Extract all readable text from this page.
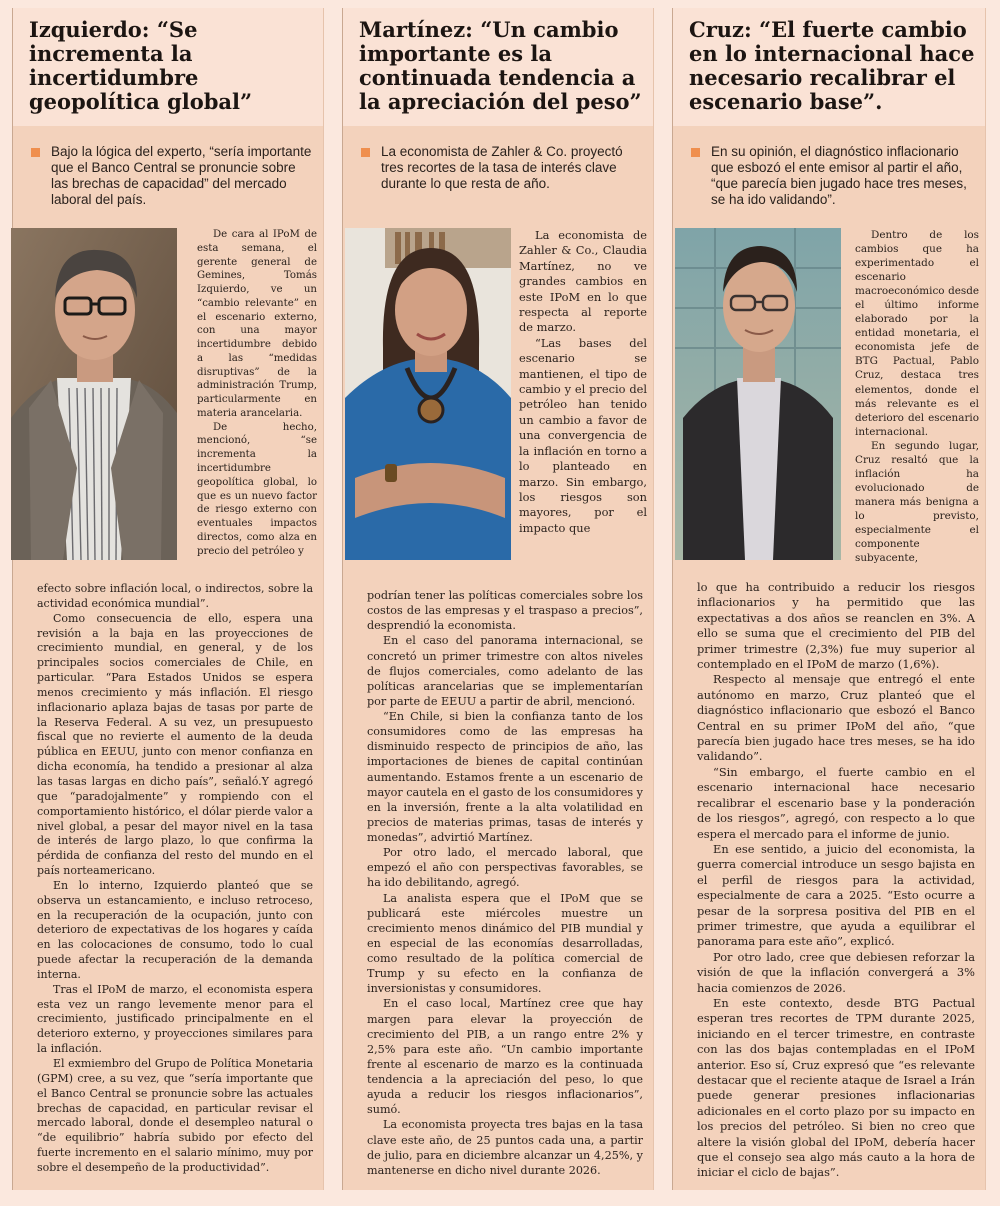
Izquierdo: “Se incrementa la incertidumbre geopolítica global”
Bajo la lógica del experto, “sería importante que el Banco Central se pronuncie sobre las brechas de capacidad” del mercado laboral del país.

De cara al IPoM de esta semana, el gerente general de Gemines, Tomás Izquierdo, ve un “cambio relevante” en el escenario externo, con una mayor incertidumbre debido a las “medidas disruptivas” de la administración Trump, particularmente en materia arancelaria.

De hecho, mencionó, “se incrementa la incertidumbre geopolítica global, lo que es un nuevo factor de riesgo externo con eventuales impactos directos, como alza en precio del petróleo y

efecto sobre inflación local, o indirectos, sobre la actividad económica mundial”.

Como consecuencia de ello, espera una revisión a la baja en las proyecciones de crecimiento mundial, en general, y de los principales socios comerciales de Chile, en particular. “Para Estados Unidos se espera menos crecimiento y más inflación. El riesgo inflacionario aplaza bajas de tasas por parte de la Reserva Federal. A su vez, un presupuesto fiscal que no revierte el aumento de la deuda pública en EEUU, junto con menor confianza en dicha economía, ha tendido a presionar al alza las tasas largas en dicho país”, señaló.Y agregó que “paradojalmente” y rompiendo con el comportamiento histórico, el dólar pierde valor a nivel global, a pesar del mayor nivel en la tasa de interés de largo plazo, lo que confirma la pérdida de confianza del resto del mundo en el país norteamericano.

En lo interno, Izquierdo planteó que se observa un estancamiento, e incluso retroceso, en la recuperación de la ocupación, junto con deterioro de expectativas de los hogares y caída en las colocaciones de consumo, todo lo cual puede afectar la recuperación de la demanda interna.

Tras el IPoM de marzo, el economista espera esta vez un rango levemente menor para el crecimiento, justificado principalmente en el deterioro externo, y proyecciones similares para la inflación.

El exmiembro del Grupo de Política Monetaria (GPM) cree, a su vez, que “sería importante que el Banco Central se pronuncie sobre las actuales brechas de capacidad, en particular revisar el mercado laboral, donde el desempleo natural o “de equilibrio” habría subido por efecto del fuerte incremento en el salario mínimo, muy por sobre el desempeño de la productividad”.

Martínez: “Un cambio importante es la continuada tendencia a la apreciación del peso”
La economista de Zahler & Co. proyectó tres recortes de la tasa de interés clave durante lo que resta de año.

La economista de Zahler & Co., Claudia Martínez, no ve grandes cambios en este IPoM en lo que respecta al reporte de marzo.

“Las bases del escenario se mantienen, el tipo de cambio y el precio del petróleo han tenido un cambio a favor de una convergencia de la inflación en torno a lo planteado en marzo. Sin embargo, los riesgos son mayores, por el impacto que

podrían tener las políticas comerciales sobre los costos de las empresas y el traspaso a precios”, desprendió la economista.

En el caso del panorama internacional, se concretó un primer trimestre con altos niveles de flujos comerciales, como adelanto de las políticas arancelarias que se implementarían por parte de EEUU a partir de abril, mencionó.

“En Chile, si bien la confianza tanto de los consumidores como de las empresas ha disminuido respecto de principios de año, las importaciones de bienes de capital continúan aumentando. Estamos frente a un escenario de mayor cautela en el gasto de los consumidores y en la inversión, frente a la alta volatilidad en precios de materias primas, tasas de interés y monedas”, advirtió Martínez.

Por otro lado, el mercado laboral, que empezó el año con perspectivas favorables, se ha ido debilitando, agregó.

La analista espera que el IPoM que se publicará este miércoles muestre un crecimiento menos dinámico del PIB mundial y en especial de las economías desarrolladas, como resultado de la política comercial de Trump y su efecto en la confianza de inversionistas y consumidores.

En el caso local, Martínez cree que hay margen para elevar la proyección de crecimiento del PIB, a un rango entre 2% y 2,5% para este año. “Un cambio importante frente al escenario de marzo es la continuada tendencia a la apreciación del peso, lo que ayuda a reducir los riesgos inflacionarios”, sumó.

La economista proyecta tres bajas en la tasa clave este año, de 25 puntos cada una, a partir de julio, para en diciembre alcanzar un 4,25%, y mantenerse en dicho nivel durante 2026.

Cruz: “El fuerte cambio en lo internacional hace necesario recalibrar el escenario base”.
En su opinión, el diagnóstico inflacionario que esbozó el ente emisor al partir el año, “que parecía bien jugado hace tres meses, se ha ido validando”.

Dentro de los cambios que ha experimentado el escenario macroeconómico desde el último informe elaborado por la entidad monetaria, el economista jefe de BTG Pactual, Pablo Cruz, destaca tres elementos, donde el más relevante es el deterioro del escenario internacional.

En segundo lugar, Cruz resaltó que la inflación ha evolucionado de manera más benigna a lo previsto, especialmente el componente subyacente,

lo que ha contribuido a reducir los riesgos inflacionarios y ha permitido que las expectativas a dos años se reanclen en 3%. A ello se suma que el crecimiento del PIB del primer trimestre (2,3%) fue muy superior al contemplado en el IPoM de marzo (1,6%).

Respecto al mensaje que entregó el ente autónomo en marzo, Cruz planteó que el diagnóstico inflacionario que esbozó el Banco Central en su primer IPoM del año, “que parecía bien jugado hace tres meses, se ha ido validando”.

“Sin embargo, el fuerte cambio en el escenario internacional hace necesario recalibrar el escenario base y la ponderación de los riesgos”, agregó, con respecto a lo que espera el mercado para el informe de junio.

En ese sentido, a juicio del economista, la guerra comercial introduce un sesgo bajista en el perfil de riesgos para la actividad, especialmente de cara a 2025. “Esto ocurre a pesar de la sorpresa positiva del PIB en el primer trimestre, que ayuda a equilibrar el panorama para este año”, explicó.

Por otro lado, cree que debiesen reforzar la visión de que la inflación convergerá a 3% hacia comienzos de 2026.

En este contexto, desde BTG Pactual esperan tres recortes de TPM durante 2025, iniciando en el tercer trimestre, en contraste con las dos bajas contempladas en el IPoM anterior. Eso sí, Cruz expresó que “es relevante destacar que el reciente ataque de Israel a Irán puede generar presiones inflacionarias adicionales en el corto plazo por su impacto en los precios del petróleo. Si bien no creo que altere la visión global del IPoM, debería hacer que el consejo sea algo más cauto a la hora de iniciar el ciclo de bajas”.
